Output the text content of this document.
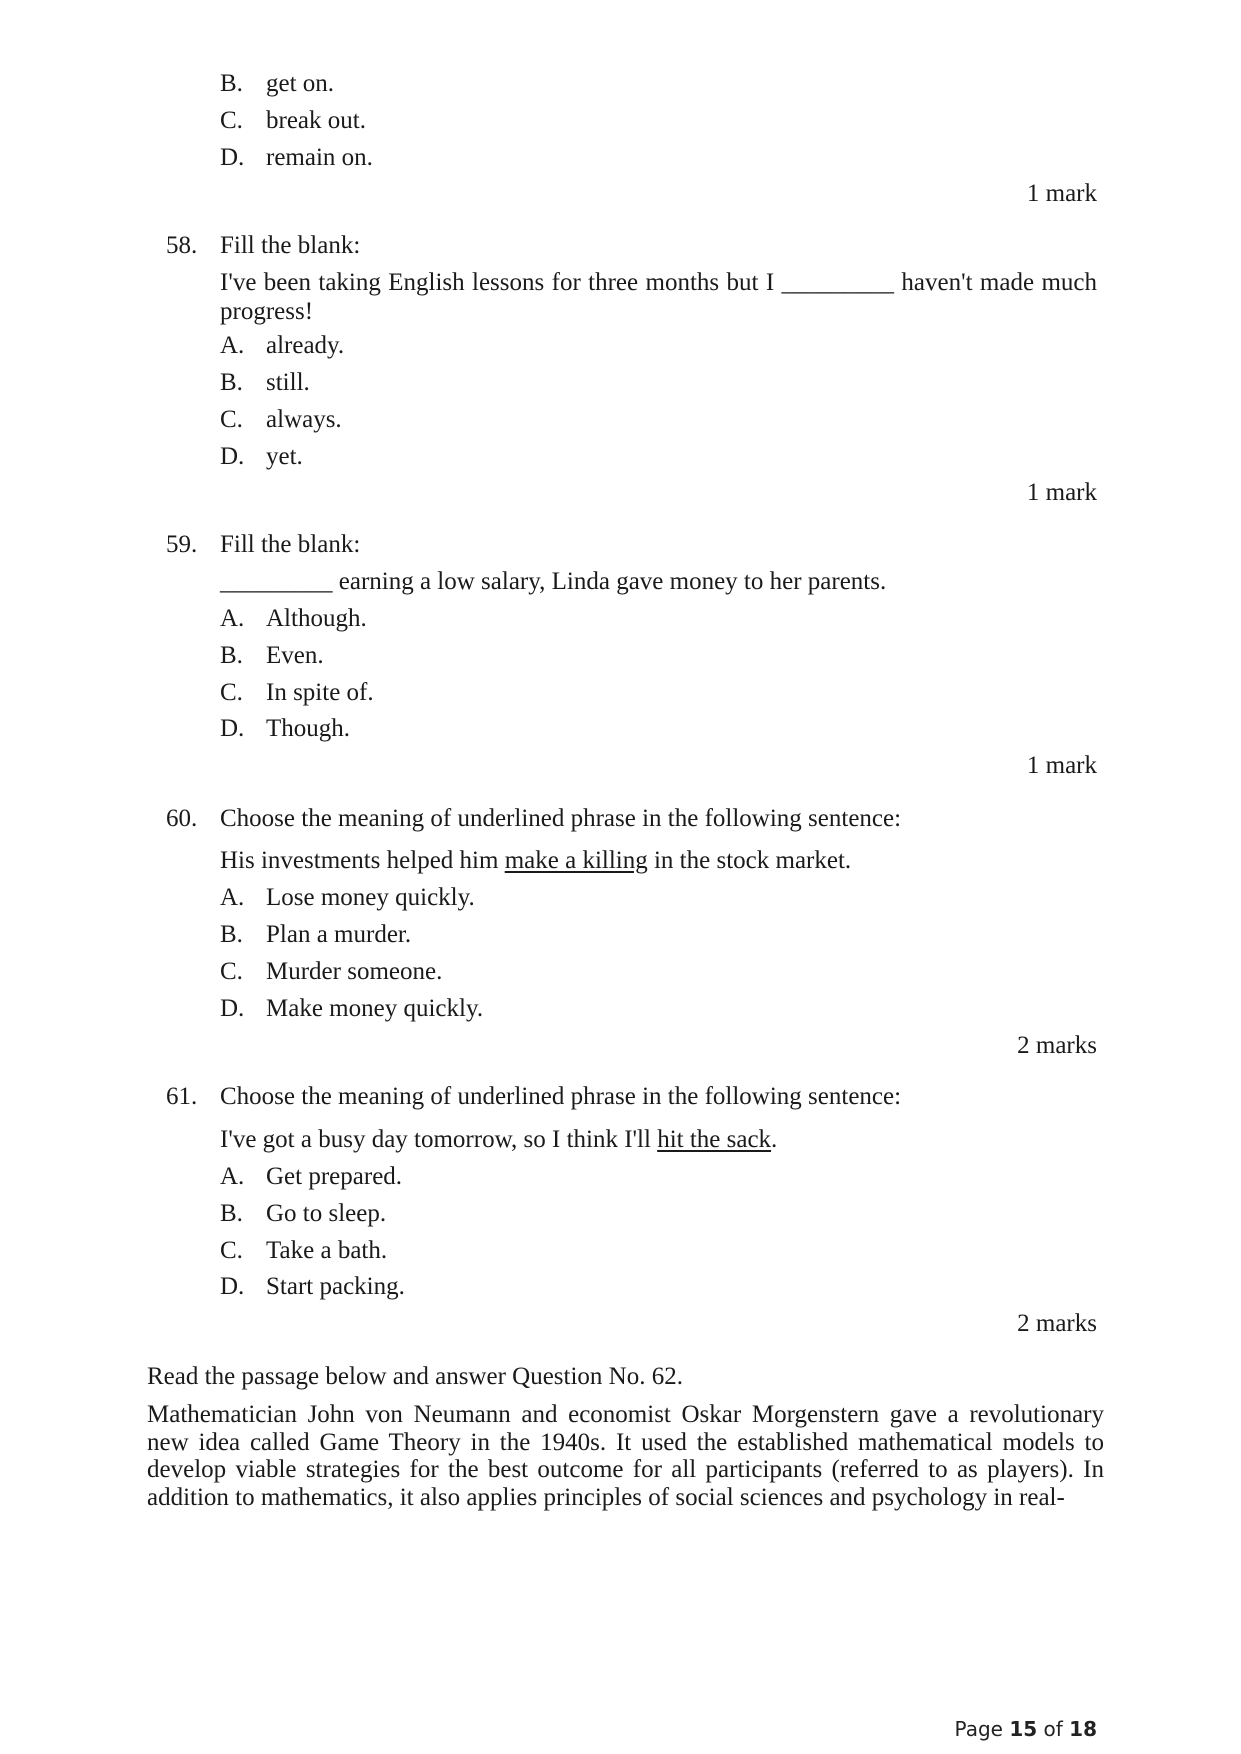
B. get on.
C. break out.
D. remain on.
1 mark
58. Fill the blank:
I've been taking English lessons for three months but I _________ haven't made much progress!
A. already.
B. still.
C. always.
D. yet.
1 mark
59. Fill the blank:
_________ earning a low salary, Linda gave money to her parents.
A. Although.
B. Even.
C. In spite of.
D. Though.
1 mark
60. Choose the meaning of underlined phrase in the following sentence:
His investments helped him make a killing in the stock market.
A. Lose money quickly.
B. Plan a murder.
C. Murder someone.
D. Make money quickly.
2 marks
61. Choose the meaning of underlined phrase in the following sentence:
I've got a busy day tomorrow, so I think I'll hit the sack.
A. Get prepared.
B. Go to sleep.
C. Take a bath.
D. Start packing.
2 marks
Read the passage below and answer Question No. 62.
Mathematician John von Neumann and economist Oskar Morgenstern gave a revolutionary new idea called Game Theory in the 1940s. It used the established mathematical models to develop viable strategies for the best outcome for all participants (referred to as players). In addition to mathematics, it also applies principles of social sciences and psychology in real-
Page 15 of 18
